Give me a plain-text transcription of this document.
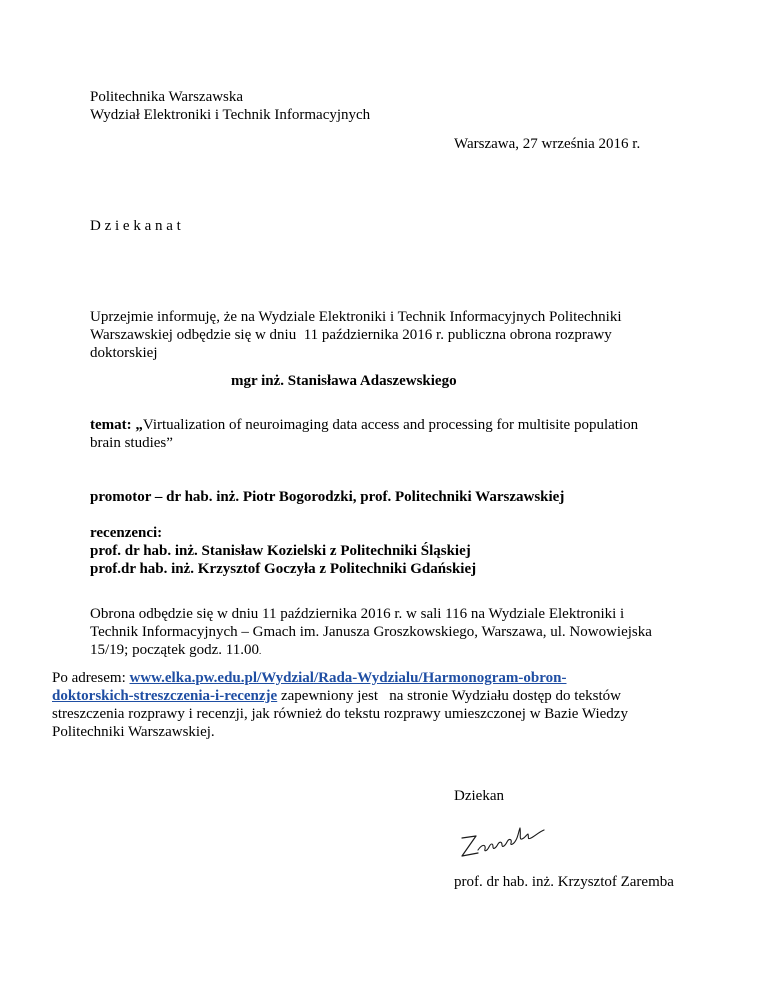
Politechnika Warszawska

Wydział Elektroniki i Technik Informacyjnych

Warszawa, 27 września 2016 r.
D z i e k a n a t

Uprzejmie informuję, że na Wydziale Elektroniki i Technik Informacyjnych Politechniki

Warszawskiej odbędzie się w dniu  11 października 2016 r. publiczna obrona rozprawy

doktorskiej

mgr inż. Stanisława Adaszewskiego

temat: „Virtualization of neuroimaging data access and processing for multisite population

brain studies”

promotor – dr hab. inż. Piotr Bogorodzki, prof. Politechniki Warszawskiej

recenzenci:

prof. dr hab. inż. Stanisław Kozielski z Politechniki Śląskiej

prof.dr hab. inż. Krzysztof Goczyła z Politechniki Gdańskiej

Obrona odbędzie się w dniu 11 października 2016 r. w sali 116 na Wydziale Elektroniki i

Technik Informacyjnych – Gmach im. Janusza Groszkowskiego, Warszawa, ul. Nowowiejska

15/19; początek godz. 11.00.

Po adresem: www.elka.pw.edu.pl/Wydzial/Rada-Wydzialu/Harmonogram-obron-

doktorskich-streszczenia-i-recenzje zapewniony jest   na stronie Wydziału dostęp do tekstów

streszczenia rozprawy i recenzji, jak również do tekstu rozprawy umieszczonej w Bazie Wiedzy

Politechniki Warszawskiej.

Dziekan
prof. dr hab. inż. Krzysztof Zaremba
